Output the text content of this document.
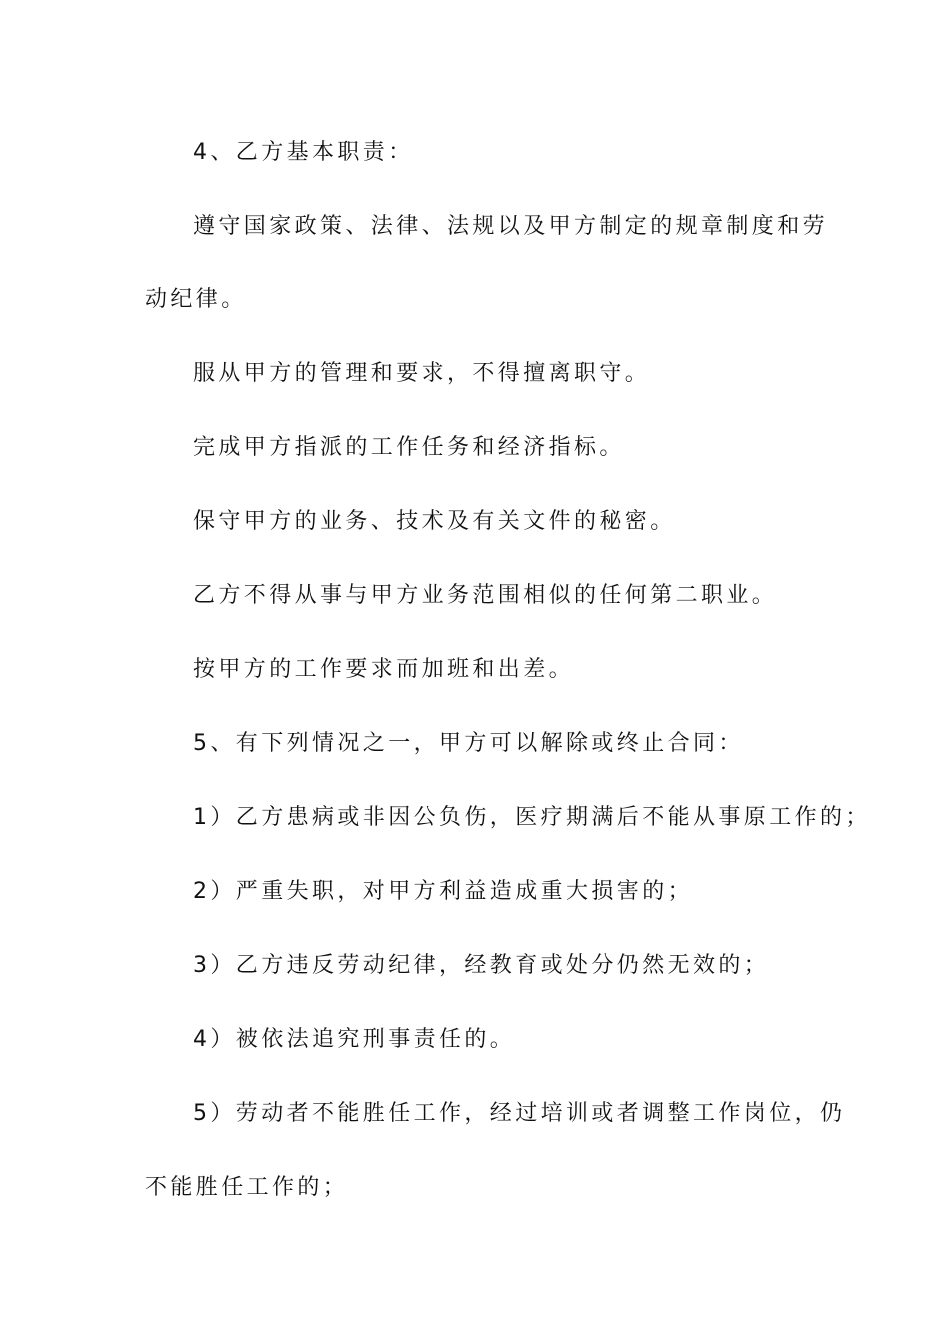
4、乙方基本职责：
遵守国家政策、法律、法规以及甲方制定的规章制度和劳
动纪律。
服从甲方的管理和要求，不得擅离职守。
完成甲方指派的工作任务和经济指标。
保守甲方的业务、技术及有关文件的秘密。
乙方不得从事与甲方业务范围相似的任何第二职业。
按甲方的工作要求而加班和出差。
5、有下列情况之一，甲方可以解除或终止合同：
1）乙方患病或非因公负伤，医疗期满后不能从事原工作的；
2）严重失职，对甲方利益造成重大损害的；
3）乙方违反劳动纪律，经教育或处分仍然无效的；
4）被依法追究刑事责任的。
5）劳动者不能胜任工作，经过培训或者调整工作岗位，仍
不能胜任工作的；
